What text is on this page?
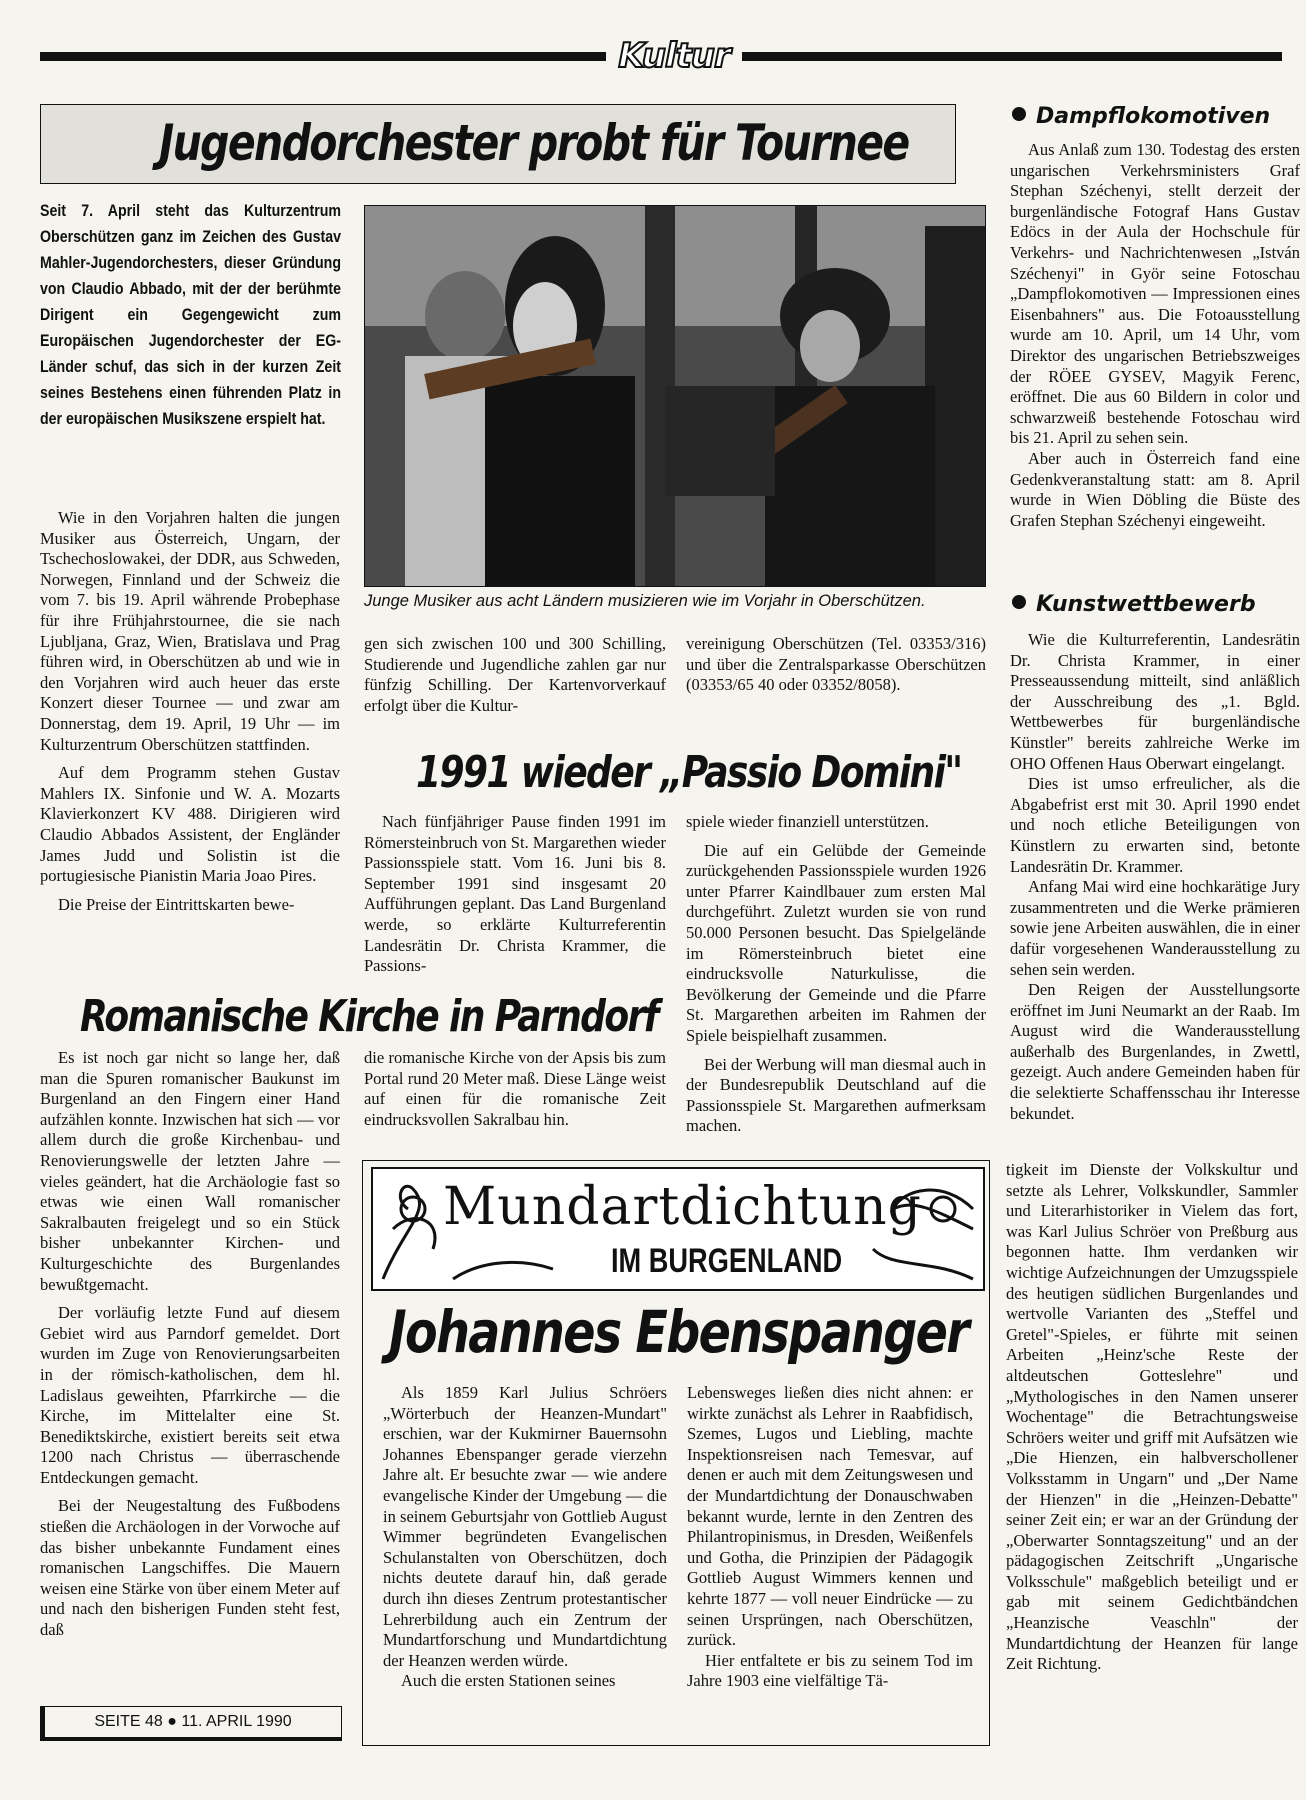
Kultur
Jugendorchester probt für Tournee
Seit 7. April steht das Kulturzentrum Oberschützen ganz im Zeichen des Gustav Mahler-Jugendorchesters, dieser Gründung von Claudio Abbado, mit der der berühmte Dirigent ein Gegengewicht zum Europäischen Jugendorchester der EG-Länder schuf, das sich in der kurzen Zeit seines Bestehens einen führenden Platz in der europäischen Musikszene erspielt hat.

Wie in den Vorjahren halten die jungen Musiker aus Österreich, Ungarn, der Tschechoslowakei, der DDR, aus Schweden, Norwegen, Finnland und der Schweiz die vom 7. bis 19. April währende Probephase für ihre Frühjahrstournee, die sie nach Ljubljana, Graz, Wien, Bratislava und Prag führen wird, in Oberschützen ab und wie in den Vorjahren wird auch heuer das erste Konzert dieser Tournee — und zwar am Donnerstag, dem 19. April, 19 Uhr — im Kulturzentrum Oberschützen stattfinden.

Auf dem Programm stehen Gustav Mahlers IX. Sinfonie und W. A. Mozarts Klavierkonzert KV 488. Dirigieren wird Claudio Abbados Assistent, der Engländer James Judd und Solistin ist die portugiesische Pianistin Maria Joao Pires.

Die Preise der Eintrittskarten bewe-

Junge Musiker aus acht Ländern musizieren wie im Vorjahr in Oberschützen.

gen sich zwischen 100 und 300 Schilling, Studierende und Jugendliche zahlen gar nur fünfzig Schilling. Der Kartenvorverkauf erfolgt über die Kultur-

vereinigung Oberschützen (Tel. 03353/316) und über die Zentralsparkasse Oberschützen (03353/65 40 oder 03352/8058).

1991 wieder „Passio Domini"

Nach fünfjähriger Pause finden 1991 im Römersteinbruch von St. Margarethen wieder Passionsspiele statt. Vom 16. Juni bis 8. September 1991 sind insgesamt 20 Aufführungen geplant. Das Land Burgenland werde, so erklärte Kulturreferentin Landesrätin Dr. Christa Krammer, die Passions-

spiele wieder finanziell unterstützen.

Die auf ein Gelübde der Gemeinde zurückgehenden Passionsspiele wurden 1926 unter Pfarrer Kaindlbauer zum ersten Mal durchgeführt. Zuletzt wurden sie von rund 50.000 Personen besucht. Das Spielgelände im Römersteinbruch bietet eine eindrucksvolle Naturkulisse, die Bevölkerung der Gemeinde und die Pfarre St. Margarethen arbeiten im Rahmen der Spiele beispielhaft zusammen.

Bei der Werbung will man diesmal auch in der Bundesrepublik Deutschland auf die Passionsspiele St. Margarethen aufmerksam machen.

Romanische Kirche in Parndorf

Es ist noch gar nicht so lange her, daß man die Spuren romanischer Baukunst im Burgenland an den Fingern einer Hand aufzählen konnte. Inzwischen hat sich — vor allem durch die große Kirchenbau- und Renovierungswelle der letzten Jahre — vieles geändert, hat die Archäologie fast so etwas wie einen Wall romanischer Sakralbauten freigelegt und so ein Stück bisher unbekannter Kirchen- und Kulturgeschichte des Burgenlandes bewußtgemacht.

Der vorläufig letzte Fund auf diesem Gebiet wird aus Parndorf gemeldet. Dort wurden im Zuge von Renovierungsarbeiten in der römisch-katholischen, dem hl. Ladislaus geweihten, Pfarrkirche — die Kirche, im Mittelalter eine St. Benediktskirche, existiert bereits seit etwa 1200 nach Christus — überraschende Entdeckungen gemacht.

Bei der Neugestaltung des Fußbodens stießen die Archäologen in der Vorwoche auf das bisher unbekannte Fundament eines romanischen Langschiffes. Die Mauern weisen eine Stärke von über einem Meter auf und nach den bisherigen Funden steht fest, daß

die romanische Kirche von der Apsis bis zum Portal rund 20 Meter maß. Diese Länge weist auf einen für die romanische Zeit eindrucksvollen Sakralbau hin.

Dampflokomotiven

Aus Anlaß zum 130. Todestag des ersten ungarischen Verkehrsministers Graf Stephan Széchenyi, stellt derzeit der burgenländische Fotograf Hans Gustav Edöcs in der Aula der Hochschule für Verkehrs- und Nachrichtenwesen „István Széchenyi" in Györ seine Fotoschau „Dampflokomotiven — Impressionen eines Eisenbahners" aus. Die Fotoausstellung wurde am 10. April, um 14 Uhr, vom Direktor des ungarischen Betriebszweiges der RÖEE GYSEV, Magyik Ferenc, eröffnet. Die aus 60 Bildern in color und schwarzweiß bestehende Fotoschau wird bis 21. April zu sehen sein.

Aber auch in Österreich fand eine Gedenkveranstaltung statt: am 8. April wurde in Wien Döbling die Büste des Grafen Stephan Széchenyi eingeweiht.

Kunstwettbewerb

Wie die Kulturreferentin, Landesrätin Dr. Christa Krammer, in einer Presseaussendung mitteilt, sind anläßlich der Ausschreibung des „1. Bgld. Wettbewerbes für burgenländische Künstler" bereits zahlreiche Werke im OHO Offenen Haus Oberwart eingelangt.

Dies ist umso erfreulicher, als die Abgabefrist erst mit 30. April 1990 endet und noch etliche Beteiligungen von Künstlern zu erwarten sind, betonte Landesrätin Dr. Krammer.

Anfang Mai wird eine hochkarätige Jury zusammentreten und die Werke prämieren sowie jene Arbeiten auswählen, die in einer dafür vorgesehenen Wanderausstellung zu sehen sein werden.

Den Reigen der Ausstellungsorte eröffnet im Juni Neumarkt an der Raab. Im August wird die Wanderausstellung außerhalb des Burgenlandes, in Zwettl, gezeigt. Auch andere Gemeinden haben für die selektierte Schaffensschau ihr Interesse bekundet.

Mundartdichtung
IM BURGENLAND
Johannes Ebenspanger

Als 1859 Karl Julius Schröers „Wörterbuch der Heanzen-Mundart" erschien, war der Kukmirner Bauernsohn Johannes Ebenspanger gerade vierzehn Jahre alt. Er besuchte zwar — wie andere evangelische Kinder der Umgebung — die in seinem Geburtsjahr von Gottlieb August Wimmer begründeten Evangelischen Schulanstalten von Oberschützen, doch nichts deutete darauf hin, daß gerade durch ihn dieses Zentrum protestantischer Lehrerbildung auch ein Zentrum der Mundartforschung und Mundartdichtung der Heanzen werden würde.

Auch die ersten Stationen seines

Lebensweges ließen dies nicht ahnen: er wirkte zunächst als Lehrer in Raabfidisch, Szemes, Lugos und Liebling, machte Inspektionsreisen nach Temesvar, auf denen er auch mit dem Zeitungswesen und der Mundartdichtung der Donauschwaben bekannt wurde, lernte in den Zentren des Philantropinismus, in Dresden, Weißenfels und Gotha, die Prinzipien der Pädagogik Gottlieb August Wimmers kennen und kehrte 1877 — voll neuer Eindrücke — zu seinen Ursprüngen, nach Oberschützen, zurück.

Hier entfaltete er bis zu seinem Tod im Jahre 1903 eine vielfältige Tä-

tigkeit im Dienste der Volkskultur und setzte als Lehrer, Volkskundler, Sammler und Literarhistoriker in Vielem das fort, was Karl Julius Schröer von Preßburg aus begonnen hatte. Ihm verdanken wir wichtige Aufzeichnungen der Umzugsspiele des heutigen südlichen Burgenlandes und wertvolle Varianten des „Steffel und Gretel"-Spieles, er führte mit seinen Arbeiten „Heinz'sche Reste der altdeutschen Gotteslehre" und „Mythologisches in den Namen unserer Wochentage" die Betrachtungsweise Schröers weiter und griff mit Aufsätzen wie „Die Hienzen, ein halbverschollener Volksstamm in Ungarn" und „Der Name der Hienzen" in die „Heinzen-Debatte" seiner Zeit ein; er war an der Gründung der „Oberwarter Sonntagszeitung" und an der pädagogischen Zeitschrift „Ungarische Volksschule" maßgeblich beteiligt und er gab mit seinem Gedichtbändchen „Heanzische Veaschln" der Mundartdichtung der Heanzen für lange Zeit Richtung.

SEITE 48 ● 11. APRIL 1990
